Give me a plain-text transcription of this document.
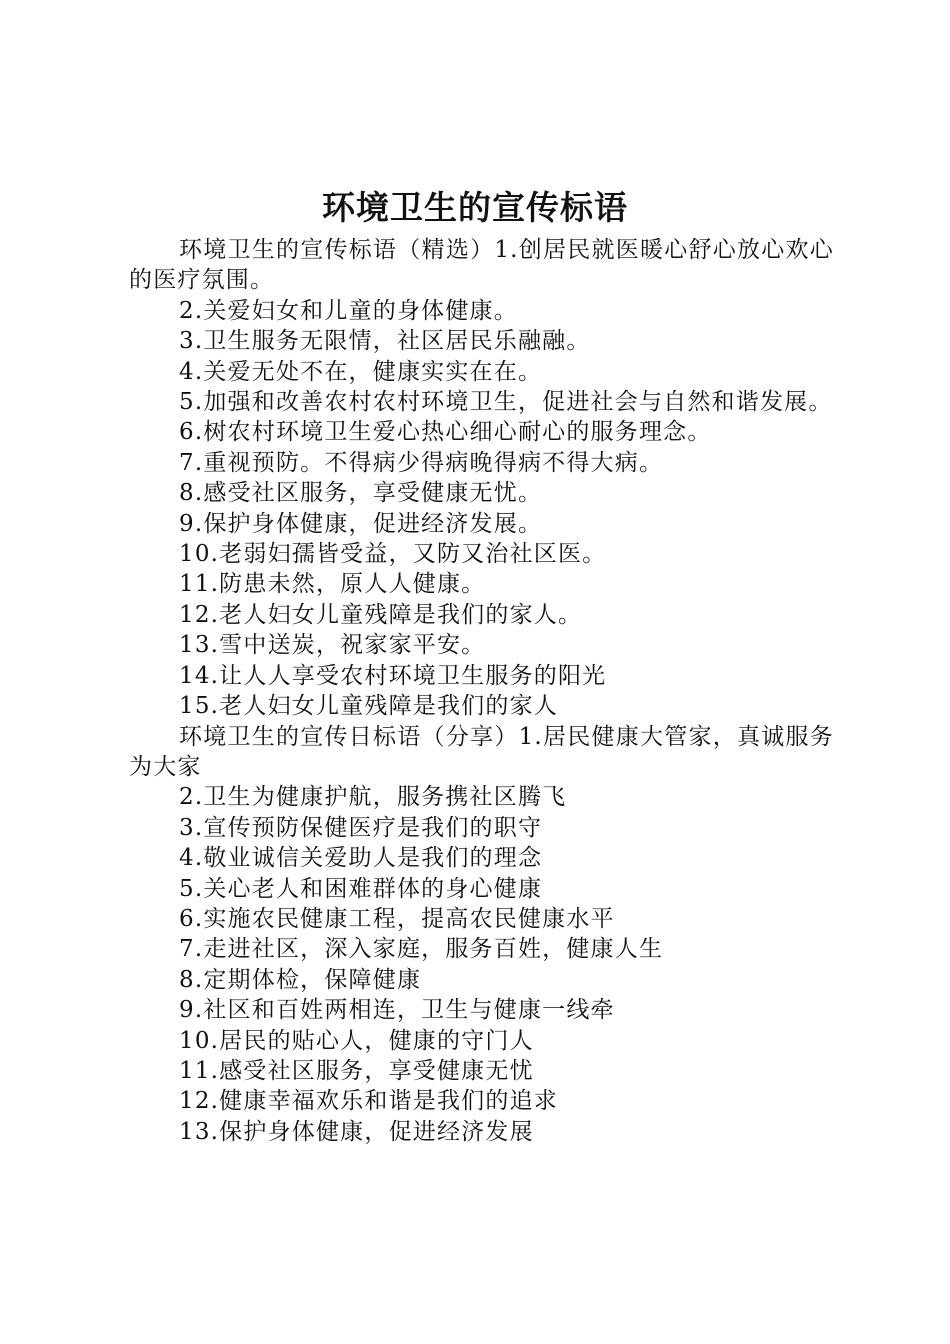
环境卫生的宣传标语

环境卫生的宣传标语（精选）1.创居民就医暖心舒心放心欢心的医疗氛围。

2.关爱妇女和儿童的身体健康。

3.卫生服务无限情，社区居民乐融融。

4.关爱无处不在，健康实实在在。

5.加强和改善农村农村环境卫生，促进社会与自然和谐发展。

6.树农村环境卫生爱心热心细心耐心的服务理念。

7.重视预防。不得病少得病晚得病不得大病。

8.感受社区服务，享受健康无忧。

9.保护身体健康，促进经济发展。

10.老弱妇孺皆受益，又防又治社区医。

11.防患未然，原人人健康。

12.老人妇女儿童残障是我们的家人。

13.雪中送炭，祝家家平安。

14.让人人享受农村环境卫生服务的阳光

15.老人妇女儿童残障是我们的家人

环境卫生的宣传日标语（分享）1.居民健康大管家，真诚服务为大家

2.卫生为健康护航，服务携社区腾飞

3.宣传预防保健医疗是我们的职守

4.敬业诚信关爱助人是我们的理念

5.关心老人和困难群体的身心健康

6.实施农民健康工程，提高农民健康水平

7.走进社区，深入家庭，服务百姓，健康人生

8.定期体检，保障健康

9.社区和百姓两相连，卫生与健康一线牵

10.居民的贴心人，健康的守门人

11.感受社区服务，享受健康无忧

12.健康幸福欢乐和谐是我们的追求

13.保护身体健康，促进经济发展
